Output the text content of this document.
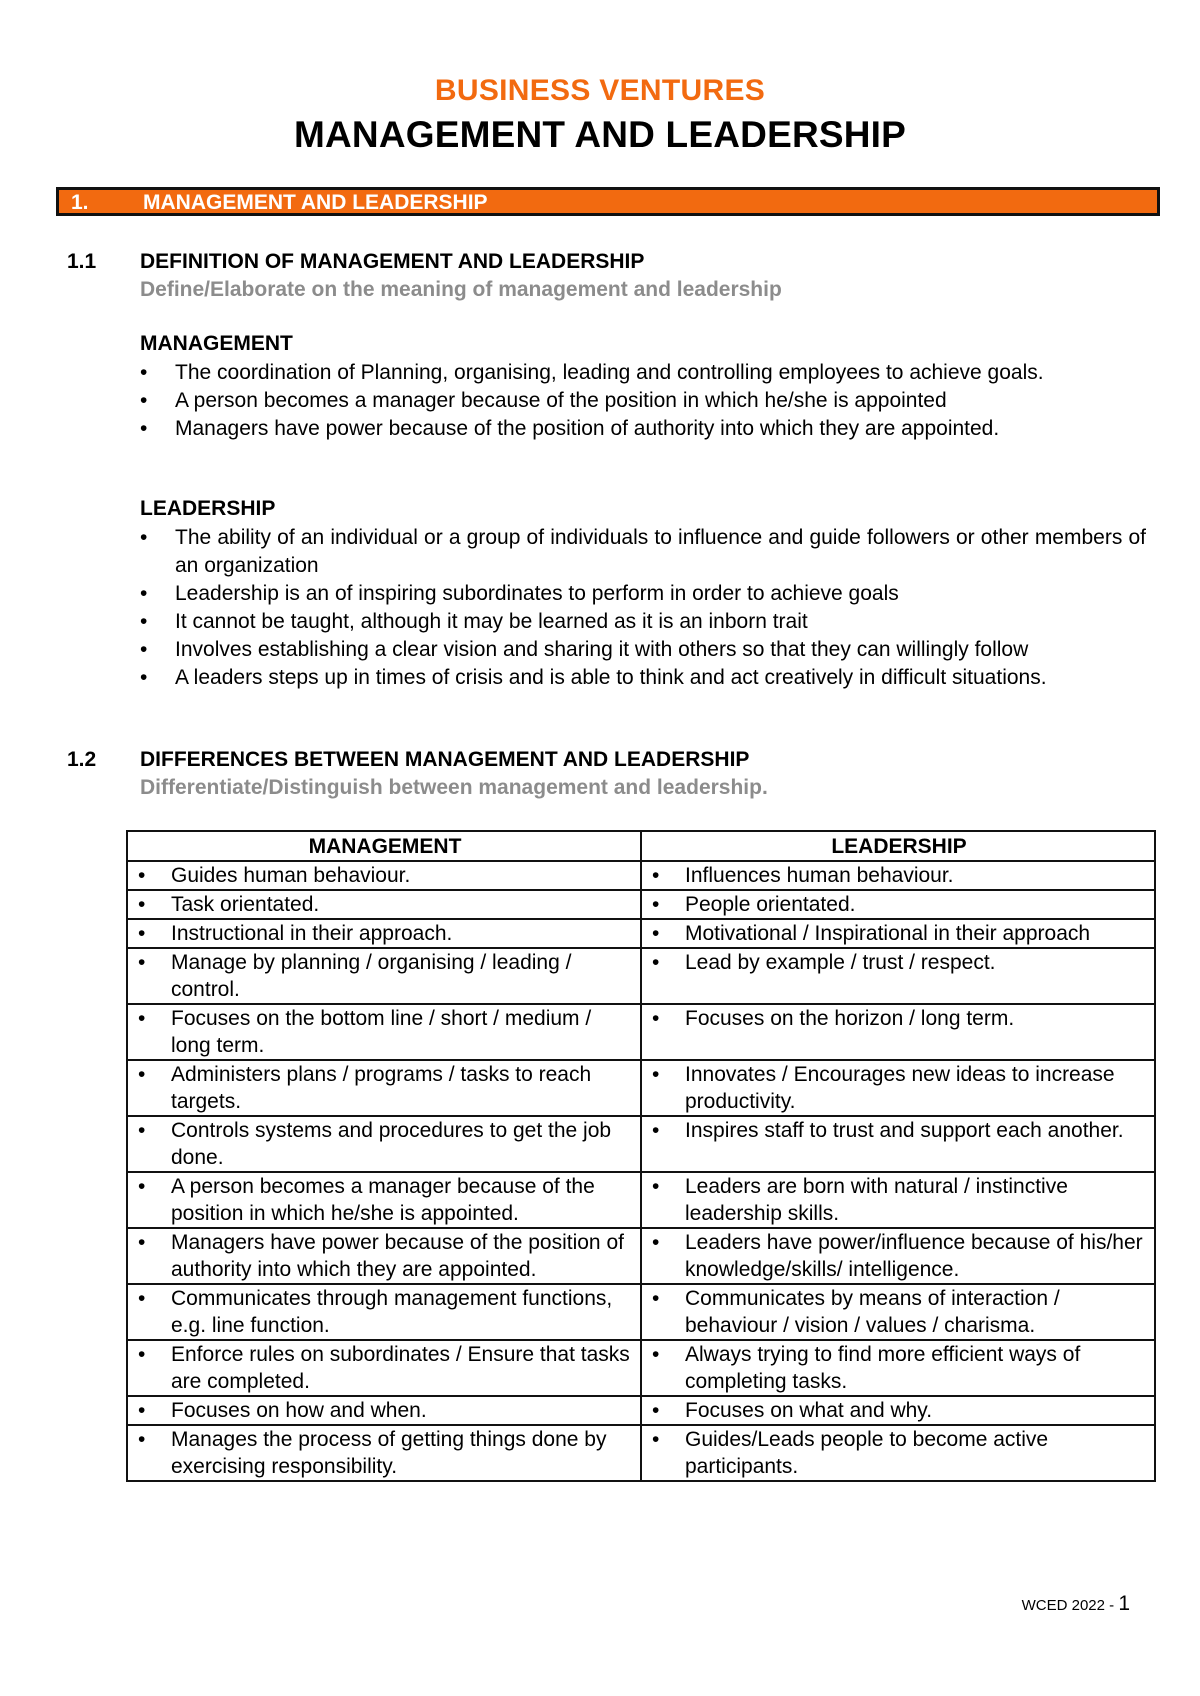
BUSINESS VENTURES
MANAGEMENT AND LEADERSHIP
1.	MANAGEMENT AND LEADERSHIP
1.1 DEFINITION OF MANAGEMENT AND LEADERSHIP
Define/Elaborate on the meaning of management and leadership
MANAGEMENT
• The coordination of Planning, organising, leading and controlling employees to achieve goals.
• A person becomes a manager because of the position in which he/she is appointed
• Managers have power because of the position of authority into which they are appointed.
LEADERSHIP
• The ability of an individual or a group of individuals to influence and guide followers or other members of an organization
• Leadership is an of inspiring subordinates to perform in order to achieve goals
• It cannot be taught, although it may be learned as it is an inborn trait
• Involves establishing a clear vision and sharing it with others so that they can willingly follow
• A leaders steps up in times of crisis and is able to think and act creatively in difficult situations.
1.2 DIFFERENCES BETWEEN MANAGEMENT AND LEADERSHIP
Differentiate/Distinguish between management and leadership.
MANAGEMENT	LEADERSHIP

• Guides human behaviour.	• Influences human behaviour.

• Task orientated.	• People orientated.

• Instructional in their approach.	• Motivational / Inspirational in their approach

• Manage by planning / organising / leading / control.	• Lead by example / trust / respect.

• Focuses on the bottom line / short / medium / long term.	• Focuses on the horizon / long term.

• Administers plans / programs / tasks to reach targets.	• Innovates / Encourages new ideas to increase productivity.

• Controls systems and procedures to get the job done.	• Inspires staff to trust and support each another.

• A person becomes a manager because of the position in which he/she is appointed.	• Leaders are born with natural / instinctive leadership skills.

• Managers have power because of the position of authority into which they are appointed.	• Leaders have power/influence because of his/her knowledge/skills/ intelligence.

• Communicates through management functions, e.g. line function.	• Communicates by means of interaction / behaviour / vision / values / charisma.

• Enforce rules on subordinates / Ensure that tasks are completed.	• Always trying to find more efficient ways of completing tasks.

• Focuses on how and when.	• Focuses on what and why.

• Manages the process of getting things done by exercising responsibility.	• Guides/Leads people to become active participants.
WCED 2022 - 1
